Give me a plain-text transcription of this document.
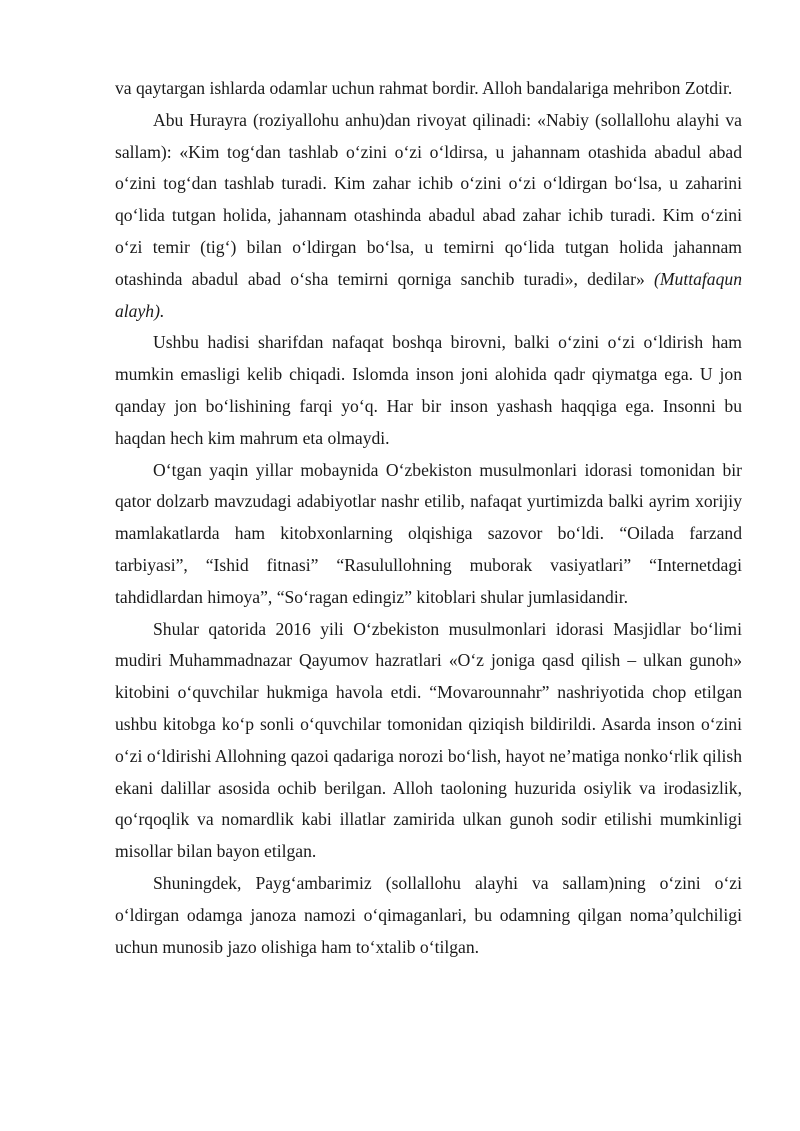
va qaytargan ishlarda odamlar uchun rahmat bordir. Alloh bandalariga mehribon Zotdir.

Abu Hurayra (roziyallohu anhu)dan rivoyat qilinadi: «Nabiy (sollallohu alayhi va sallam): «Kim tog‘dan tashlab o‘zini o‘zi o‘ldirsa, u jahannam otashida abadul abad o‘zini tog‘dan tashlab turadi. Kim zahar ichib o‘zini o‘zi o‘ldirgan bo‘lsa, u zaharini qo‘lida tutgan holida, jahannam otashinda abadul abad zahar ichib turadi. Kim o‘zini o‘zi temir (tig‘) bilan o‘ldirgan bo‘lsa, u temirni qo‘lida tutgan holida jahannam otashinda abadul abad o‘sha temirni qorniga sanchib turadi», dedilar» (Muttafaqun alayh).

Ushbu hadisi sharifdan nafaqat boshqa birovni, balki o‘zini o‘zi o‘ldirish ham mumkin emasligi kelib chiqadi. Islomda inson joni alohida qadr qiymatga ega. U jon qanday jon bo‘lishining farqi yo‘q. Har bir inson yashash haqqiga ega. Insonni bu haqdan hech kim mahrum eta olmaydi.

O‘tgan yaqin yillar mobaynida O‘zbekiston musulmonlari idorasi tomonidan bir qator dolzarb mavzudagi adabiyotlar nashr etilib, nafaqat yurtimizda balki ayrim xorijiy mamlakatlarda ham kitobxonlarning olqishiga sazovor bo‘ldi. “Oilada farzand tarbiyasi”, “Ishid fitnasi” “Rasulullohning muborak vasiyatlari” “Internetdagi tahdidlardan himoya”, “So‘ragan edingiz” kitoblari shular jumlasidandir.

Shular qatorida 2016 yili O‘zbekiston musulmonlari idorasi Masjidlar bo‘limi mudiri Muhammadnazar Qayumov hazratlari «O‘z joniga qasd qilish – ulkan gunoh» kitobini o‘quvchilar hukmiga havola etdi. “Movarounnahr” nashriyotida chop etilgan ushbu kitobga ko‘p sonli o‘quvchilar tomonidan qiziqish bildirildi. Asarda inson o‘zini o‘zi o‘ldirishi Allohning qazoi qadariga norozi bo‘lish, hayot ne’matiga nonko‘rlik qilish ekani dalillar asosida ochib berilgan. Alloh taoloning huzurida osiylik va irodasizlik, qo‘rqoqlik va nomardlik kabi illatlar zamirida ulkan gunoh sodir etilishi mumkinligi misollar bilan bayon etilgan.

Shuningdek, Payg‘ambarimiz (sollallohu alayhi va sallam)ning o‘zini o‘zi o‘ldirgan odamga janoza namozi o‘qimaganlari, bu odamning qilgan noma’qulchiligi uchun munosib jazo olishiga ham to‘xtalib o‘tilgan.
